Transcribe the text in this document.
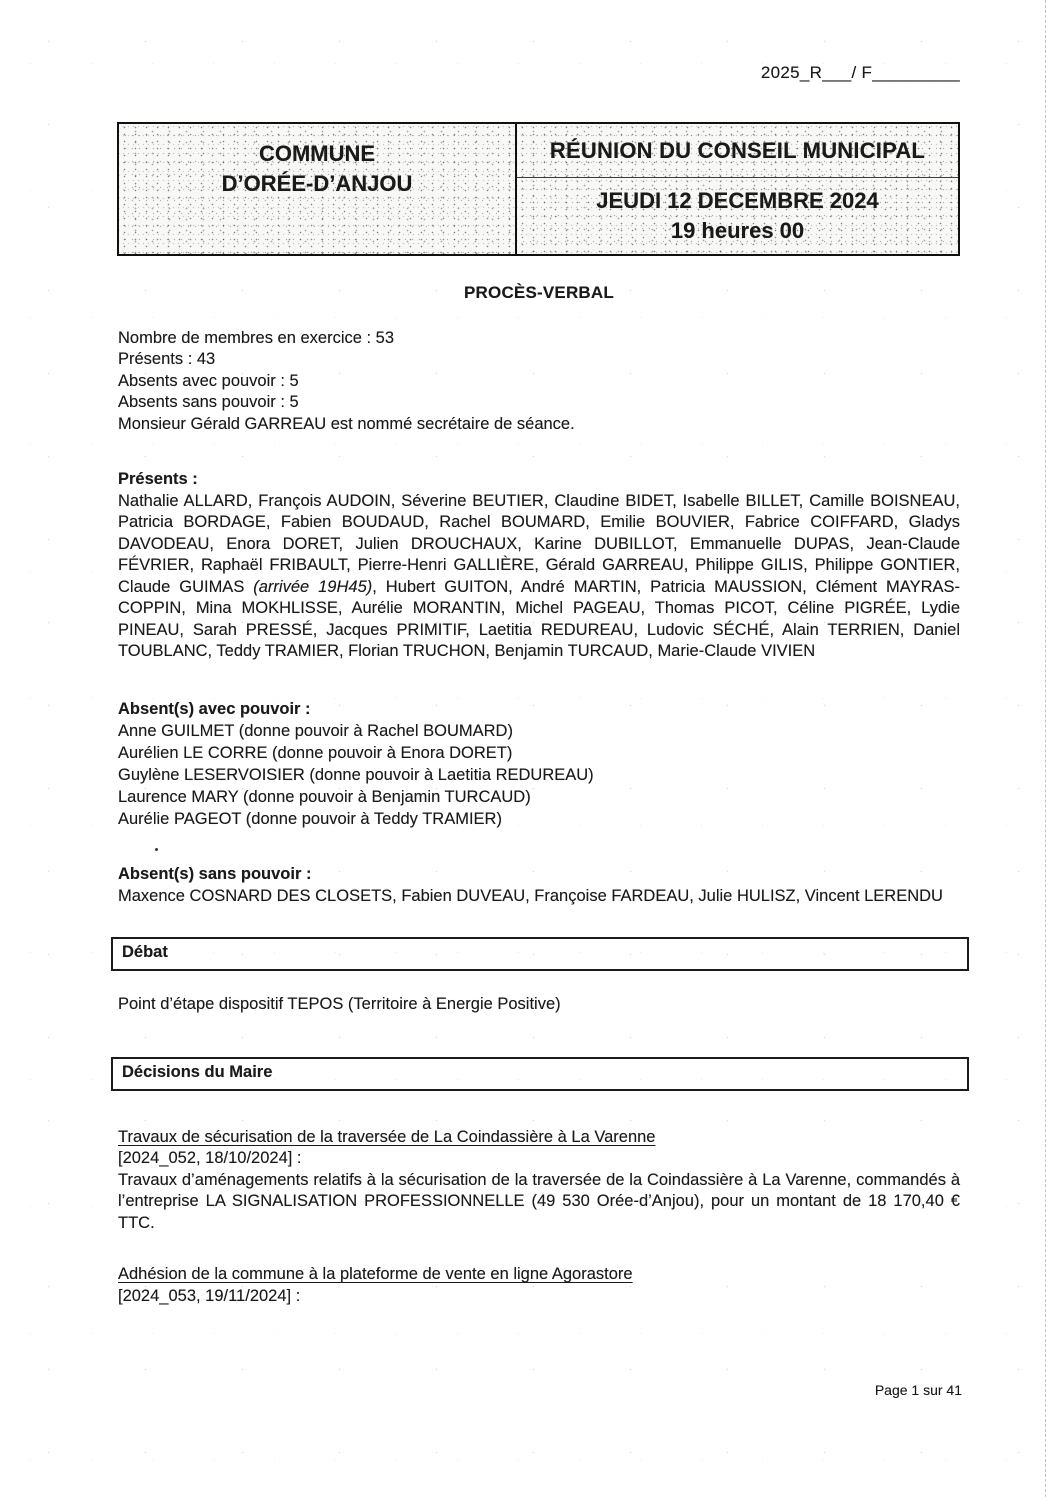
2025_R___/ F_________
COMMUNE
D’ORÉE-D’ANJOU
RÉUNION DU CONSEIL MUNICIPAL
JEUDI 12 DECEMBRE 2024
19 heures 00
PROCÈS-VERBAL
Nombre de membres en exercice : 53
Présents : 43
Absents avec pouvoir : 5
Absents sans pouvoir : 5
Monsieur Gérald GARREAU est nommé secrétaire de séance.
Présents :

Nathalie ALLARD, François AUDOIN, Séverine BEUTIER, Claudine BIDET, Isabelle BILLET, Camille BOISNEAU, Patricia BORDAGE, Fabien BOUDAUD, Rachel BOUMARD, Emilie BOUVIER, Fabrice COIFFARD, Gladys DAVODEAU, Enora DORET, Julien DROUCHAUX, Karine DUBILLOT, Emmanuelle DUPAS, Jean-Claude FÉVRIER, Raphaël FRIBAULT, Pierre-Henri GALLIÈRE, Gérald GARREAU, Philippe GILIS, Philippe GONTIER, Claude GUIMAS (arrivée 19H45), Hubert GUITON, André MARTIN, Patricia MAUSSION, Clément MAYRAS-COPPIN, Mina MOKHLISSE, Aurélie MORANTIN, Michel PAGEAU, Thomas PICOT, Céline PIGRÉE, Lydie PINEAU, Sarah PRESSÉ, Jacques PRIMITIF, Laetitia REDUREAU, Ludovic SÉCHÉ, Alain TERRIEN, Daniel TOUBLANC, Teddy TRAMIER, Florian TRUCHON, Benjamin TURCAUD, Marie-Claude VIVIEN

Absent(s) avec pouvoir :
Anne GUILMET (donne pouvoir à Rachel BOUMARD)
Aurélien LE CORRE (donne pouvoir à Enora DORET)
Guylène LESERVOISIER (donne pouvoir à Laetitia REDUREAU)
Laurence MARY (donne pouvoir à Benjamin TURCAUD)
Aurélie PAGEOT (donne pouvoir à Teddy TRAMIER)
Absent(s) sans pouvoir :

Maxence COSNARD DES CLOSETS, Fabien DUVEAU, Françoise FARDEAU, Julie HULISZ, Vincent LERENDU

Débat

Point d’étape dispositif TEPOS (Territoire à Energie Positive)

Décisions du Maire
Travaux de sécurisation de la traversée de La Coindassière à La Varenne
[2024_052, 18/10/2024] :

Travaux d’aménagements relatifs à la sécurisation de la traversée de la Coindassière à La Varenne, commandés à l’entreprise LA SIGNALISATION PROFESSIONNELLE (49 530 Orée-d’Anjou), pour un montant de 18 170,40 € TTC.

Adhésion de la commune à la plateforme de vente en ligne Agorastore
[2024_053, 19/11/2024] :
Page 1 sur 41
